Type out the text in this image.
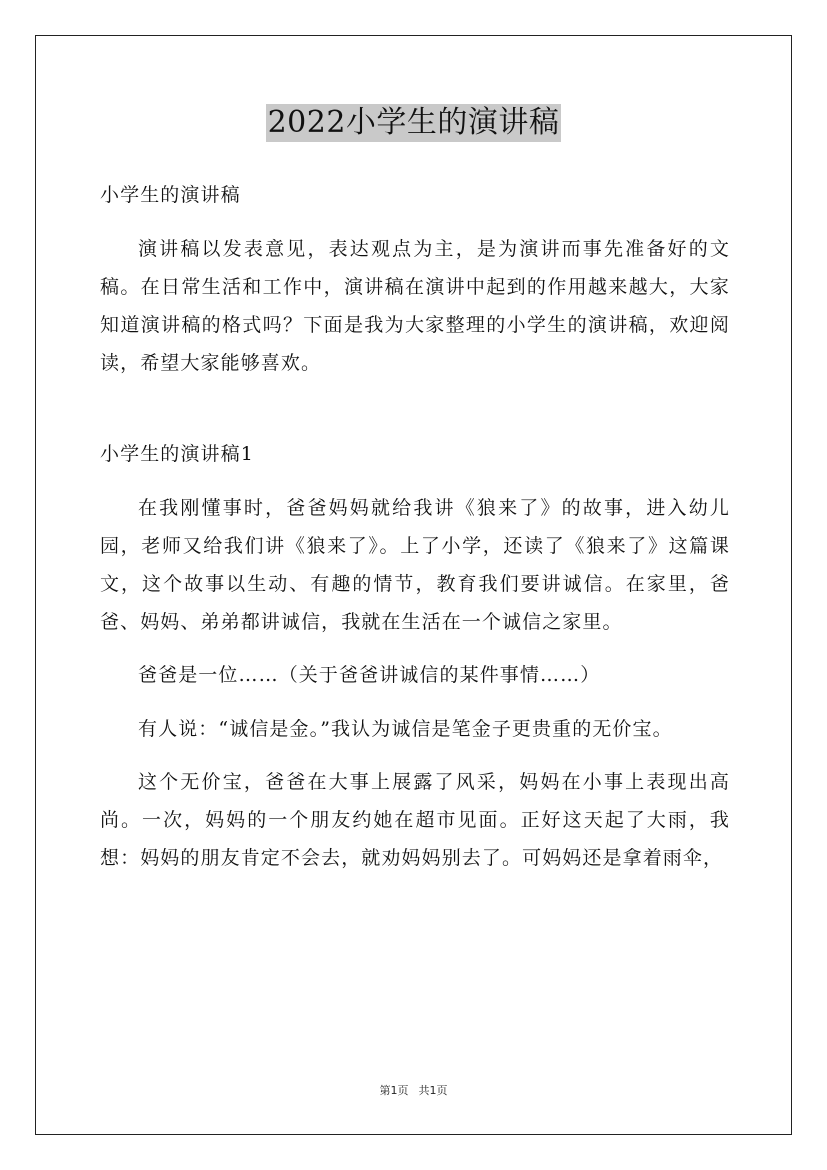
2022小学生的演讲稿

小学生的演讲稿

演讲稿以发表意见，表达观点为主，是为演讲而事先准备好的文稿。在日常生活和工作中，演讲稿在演讲中起到的作用越来越大，大家知道演讲稿的格式吗？下面是我为大家整理的小学生的演讲稿，欢迎阅读，希望大家能够喜欢。

小学生的演讲稿1

在我刚懂事时，爸爸妈妈就给我讲《狼来了》的故事，进入幼儿园，老师又给我们讲《狼来了》。上了小学，还读了《狼来了》这篇课文，这个故事以生动、有趣的情节，教育我们要讲诚信。在家里，爸爸、妈妈、弟弟都讲诚信，我就在生活在一个诚信之家里。

爸爸是一位……（关于爸爸讲诚信的某件事情……）

有人说：“诚信是金。”我认为诚信是笔金子更贵重的无价宝。

这个无价宝，爸爸在大事上展露了风采，妈妈在小事上表现出高尚。一次，妈妈的一个朋友约她在超市见面。正好这天起了大雨，我想：妈妈的朋友肯定不会去，就劝妈妈别去了。可妈妈还是拿着雨伞，

第1页 共1页
